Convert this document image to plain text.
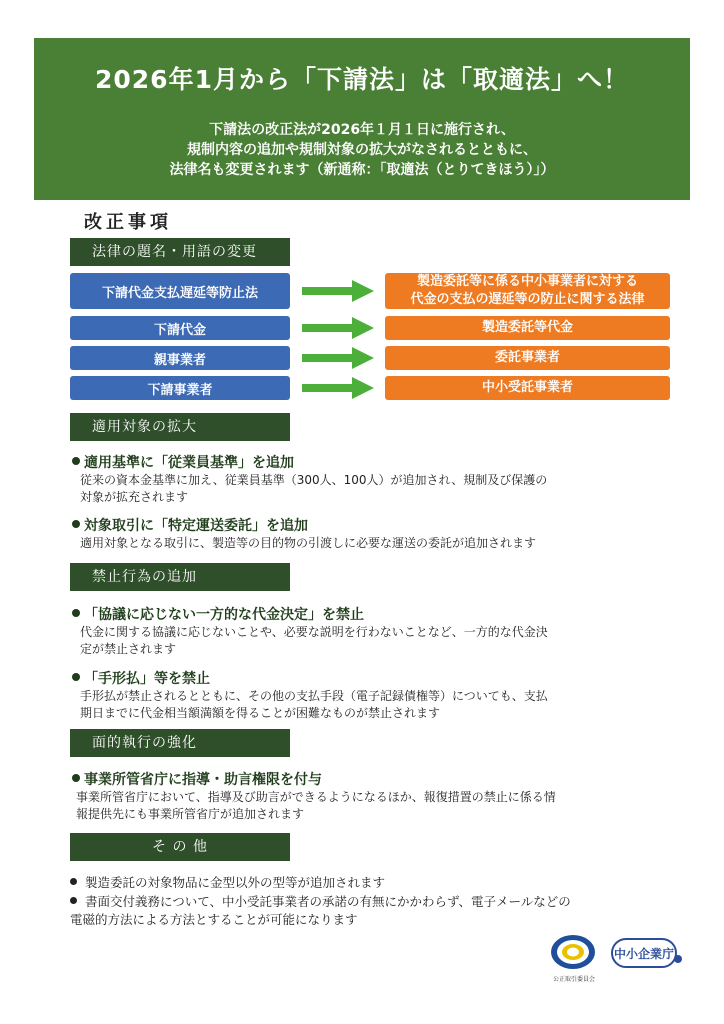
2026年1月から「下請法」は「取適法」へ！
下請法の改正法が2026年１月１日に施行され、
規制内容の追加や規制対象の拡大がなされるとともに、
法律名も変更されます（新通称：「取適法（とりてきほう）」）
改正事項
法律の題名・用語の変更
下請代金支払遅延等防止法
製造委託等に係る中小事業者に対する
代金の支払の遅延等の防止に関する法律
下請代金	製造委託等代金
親事業者	委託事業者
下請事業者	中小受託事業者
適用対象の拡大
適用基準に「従業員基準」を追加
従来の資本金基準に加え、従業員基準（300人、100人）が追加され、規制及び保護の
対象が拡充されます
対象取引に「特定運送委託」を追加
適用対象となる取引に、製造等の目的物の引渡しに必要な運送の委託が追加されます
禁止行為の追加
「協議に応じない一方的な代金決定」を禁止
代金に関する協議に応じないことや、必要な説明を行わないことなど、一方的な代金決
定が禁止されます
「手形払」等を禁止
手形払が禁止されるとともに、その他の支払手段（電子記録債権等）についても、支払
期日までに代金相当額満額を得ることが困難なものが禁止されます
面的執行の強化
事業所管省庁に指導・助言権限を付与
事業所管省庁において、指導及び助言ができるようになるほか、報復措置の禁止に係る情
報提供先にも事業所管省庁が追加されます
そ の 他
製造委託の対象物品に金型以外の型等が追加されます
書面交付義務について、中小受託事業者の承諾の有無にかかわらず、電子メールなどの
電磁的方法による方法とすることが可能になります
公正取引委員会
中小企業庁
